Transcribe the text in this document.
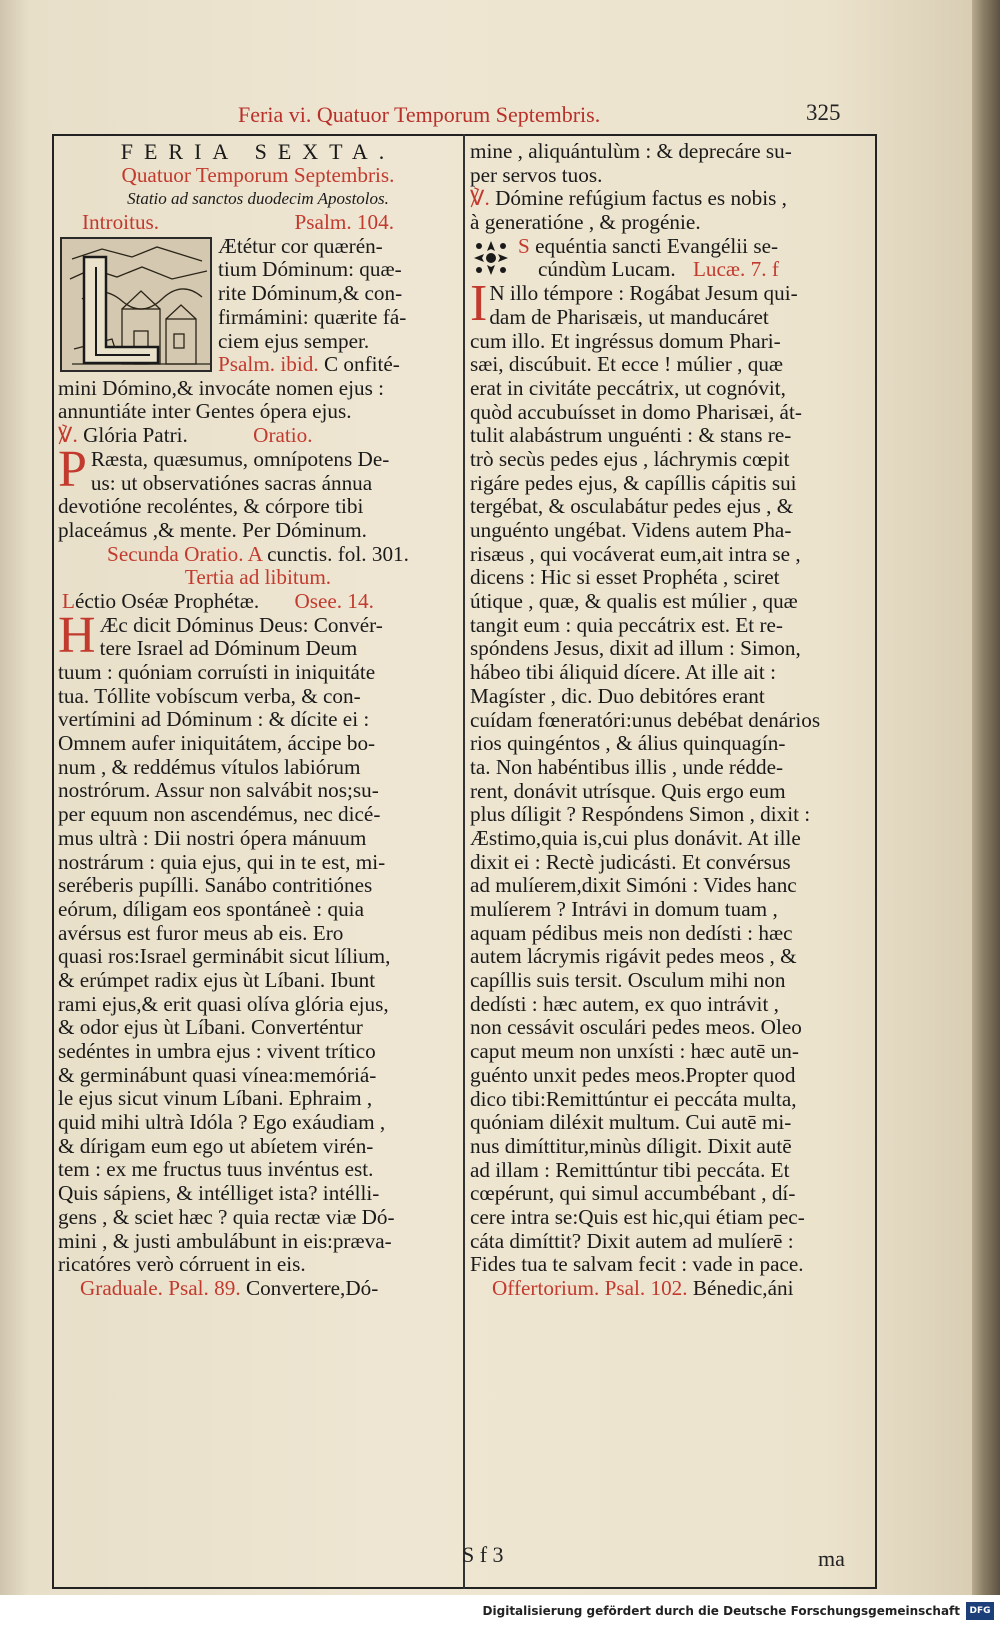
Feria vi. Quatuor Temporum Septembris.	325
FERIA SEXTA.
Quatuor Temporum Septembris.
Statio ad sanctos duodecim Apostolos.
Introitus.	Psalm. 104.
Ætétur cor quærén-
tium Dóminum: quæ-
rite Dóminum,& con-
firmámini: quærite fá-
ciem ejus semper.
Psalm. ibid. C onfité-
mini Dómino,& invocáte nomen ejus :
annuntiáte inter Gentes ópera ejus.
℣. Glória Patri.	Oratio.
P Ræsta, quæsumus, omnípotens De-
us: ut observatiónes sacras ánnua
devotióne recoléntes, & córpore tibi
placeámus ,& mente. Per Dóminum.
Secunda Oratio. A cunctis. fol. 301.
Tertia ad libitum.
Léctio Oséæ Prophétæ. Osee. 14.
H Æc dicit Dóminus Deus: Convér-
tere Israel ad Dóminum Deum
tuum : quóniam corruísti in iniquitáte
tua. Tóllite vobíscum verba, & con-
vertímini ad Dóminum : & dícite ei :
Omnem aufer iniquitátem, áccipe bo-
num , & reddémus vítulos labiórum
nostrórum. Assur non salvábit nos;su-
per equum non ascendémus, nec dicé-
mus ultrà : Dii nostri ópera mánuum
nostrárum : quia ejus, qui in te est, mi-
seréberis pupílli. Sanábo contritiónes
eórum, díligam eos spontáneè : quia
avérsus est furor meus ab eis. Ero
quasi ros:Israel germinábit sicut lílium,
& erúmpet radix ejus ùt Líbani. Ibunt
rami ejus,& erit quasi olíva glória ejus,
& odor ejus ùt Líbani. Converténtur
sedéntes in umbra ejus : vivent trítico
& germinábunt quasi vínea:memóriá-
le ejus sicut vinum Líbani. Ephraim ,
quid mihi ultrà Idóla ? Ego exáudiam ,
& dírigam eum ego ut abíetem virén-
tem : ex me fructus tuus invéntus est.
Quis sápiens, & intélliget ista? intélli-
gens , & sciet hæc ? quia rectæ viæ Dó-
mini , & justi ambulábunt in eis:præva-
ricatóres verò córruent in eis.
Graduale. Psal. 89. Convertere,Dó-
mine , aliquántulùm : & deprecáre su-
per servos tuos.
℣. Dómine refúgium factus es nobis ,
à generatióne , & progénie.
S equéntia sancti Evangélii se-
cúndùm Lucam. Lucæ. 7. f
I N illo témpore : Rogábat Jesum qui-
dam de Pharisæis, ut manducáret
cum illo. Et ingréssus domum Phari-
sæi, discúbuit. Et ecce ! múlier , quæ
erat in civitáte peccátrix, ut cognóvit,
quòd accubuísset in domo Pharisæi, át-
tulit alabástrum unguénti : & stans re-
trò secùs pedes ejus , láchrymis cœpit
rigáre pedes ejus, & capíllis cápitis sui
tergébat, & osculabátur pedes ejus , &
unguénto ungébat. Videns autem Pha-
risæus , qui vocáverat eum,ait intra se ,
dicens : Hic si esset Prophéta , sciret
útique , quæ, & qualis est múlier , quæ
tangit eum : quia peccátrix est. Et re-
spóndens Jesus, dixit ad illum : Simon,
hábeo tibi áliquid dícere. At ille ait :
Magíster , dic. Duo debitóres erant
cuídam fœneratóri:unus debébat denários
rios quingéntos , & álius quinquagín-
ta. Non habéntibus illis , unde rédde-
rent, donávit utrísque. Quis ergo eum
plus díligit ? Respóndens Simon , dixit :
Æstimo,quia is,cui plus donávit. At ille
dixit ei : Rectè judicásti. Et convérsus
ad mulíerem,dixit Simóni : Vides hanc
mulíerem ? Intrávi in domum tuam ,
aquam pédibus meis non dedísti : hæc
autem lácrymis rigávit pedes meos , &
capíllis suis tersit. Osculum mihi non
dedísti : hæc autem, ex quo intrávit ,
non cessávit osculári pedes meos. Oleo
caput meum non unxísti : hæc autē un-
guénto unxit pedes meos.Propter quod
dico tibi:Remittúntur ei peccáta multa,
quóniam diléxit multum. Cui autē mi-
nus dimíttitur,minùs díligit. Dixit autē
ad illam : Remittúntur tibi peccáta. Et
cœpérunt, qui simul accumbébant , dí-
cere intra se:Quis est hic,qui étiam pec-
cáta dimíttit? Dixit autem ad mulíerē :
Fides tua te salvam fecit : vade in pace.
Offertorium. Psal. 102. Bénedic,áni
S f 3	ma
Digitalisierung gefördert durch die Deutsche Forschungsgemeinschaft	DFG
